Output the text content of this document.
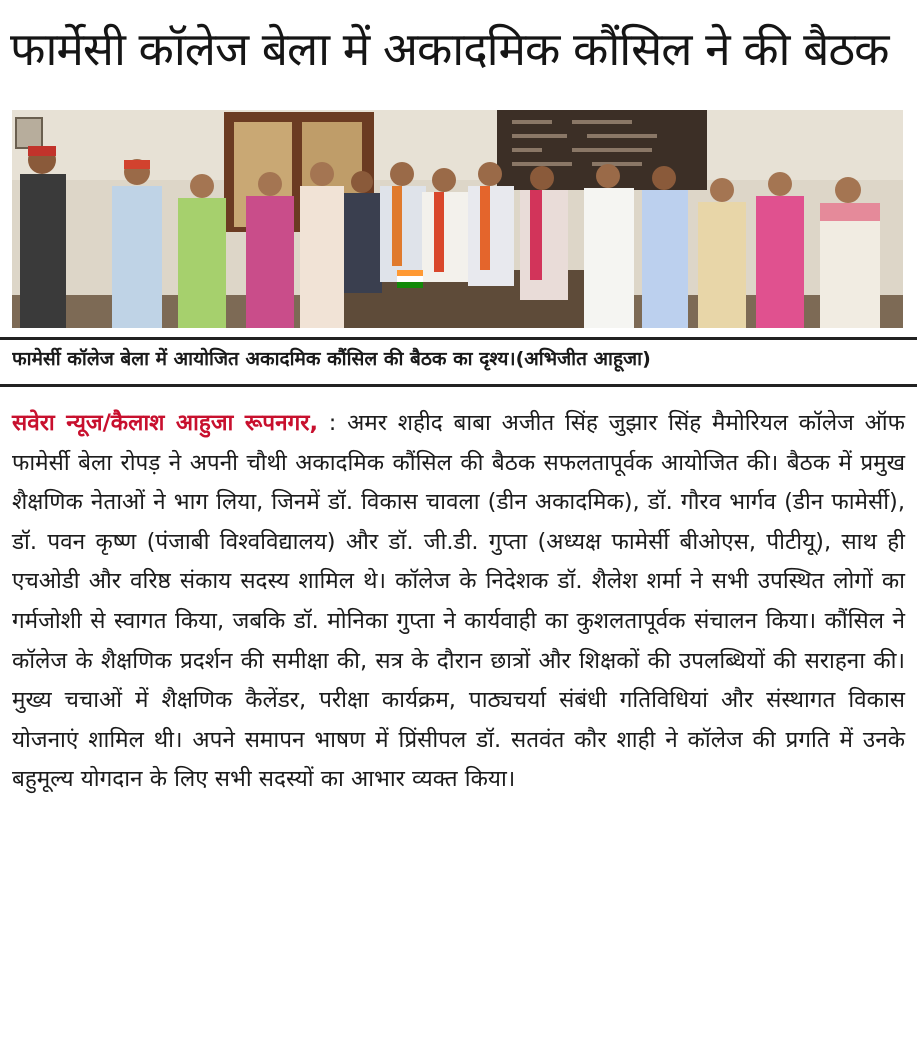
फार्मेसी कॉलेज बेला में अकादमिक कौंसिल ने की बैठक
फामेर्सी कॉलेज बेला में आयोजित अकादमिक कौंसिल की बैठक का दृश्य।(अभिजीत आहूजा)
सवेरा न्यूज/कैलाश आहुजा रूपनगर, : अमर शहीद बाबा अजीत सिंह जुझार सिंह मैमोरियल कॉलेज ऑफ फामेर्सी बेला रोपड़ ने अपनी चौथी अकादमिक कौंसिल की बैठक सफलतापूर्वक आयोजित की। बैठक में प्रमुख शैक्षणिक नेताओं ने भाग लिया, जिनमें डॉ. विकास चावला (डीन अकादमिक), डॉ. गौरव भार्गव (डीन फामेर्सी), डॉ. पवन कृष्ण (पंजाबी विश्वविद्यालय) और डॉ. जी.डी. गुप्ता (अध्यक्ष फामेर्सी बीओएस, पीटीयू), साथ ही एचओडी और वरिष्ठ संकाय सदस्य शामिल थे। कॉलेज के निदेशक डॉ. शैलेश शर्मा ने सभी उपस्थित लोगों का गर्मजोशी से स्वागत किया, जबकि डॉ. मोनिका गुप्ता ने कार्यवाही का कुशलतापूर्वक संचालन किया। कौंसिल ने कॉलेज के शैक्षणिक प्रदर्शन की समीक्षा की, सत्र के दौरान छात्रों और शिक्षकों की उपलब्धियों की सराहना की। मुख्य चचाओं में शैक्षणिक कैलेंडर, परीक्षा कार्यक्रम, पाठ्यचर्या संबंधी गतिविधियां और संस्थागत विकास योजनाएं शामिल थी। अपने समापन भाषण में प्रिंसीपल डॉ. सतवंत कौर शाही ने कॉलेज की प्रगति में उनके बहुमूल्य योगदान के लिए सभी सदस्यों का आभार व्यक्त किया।
